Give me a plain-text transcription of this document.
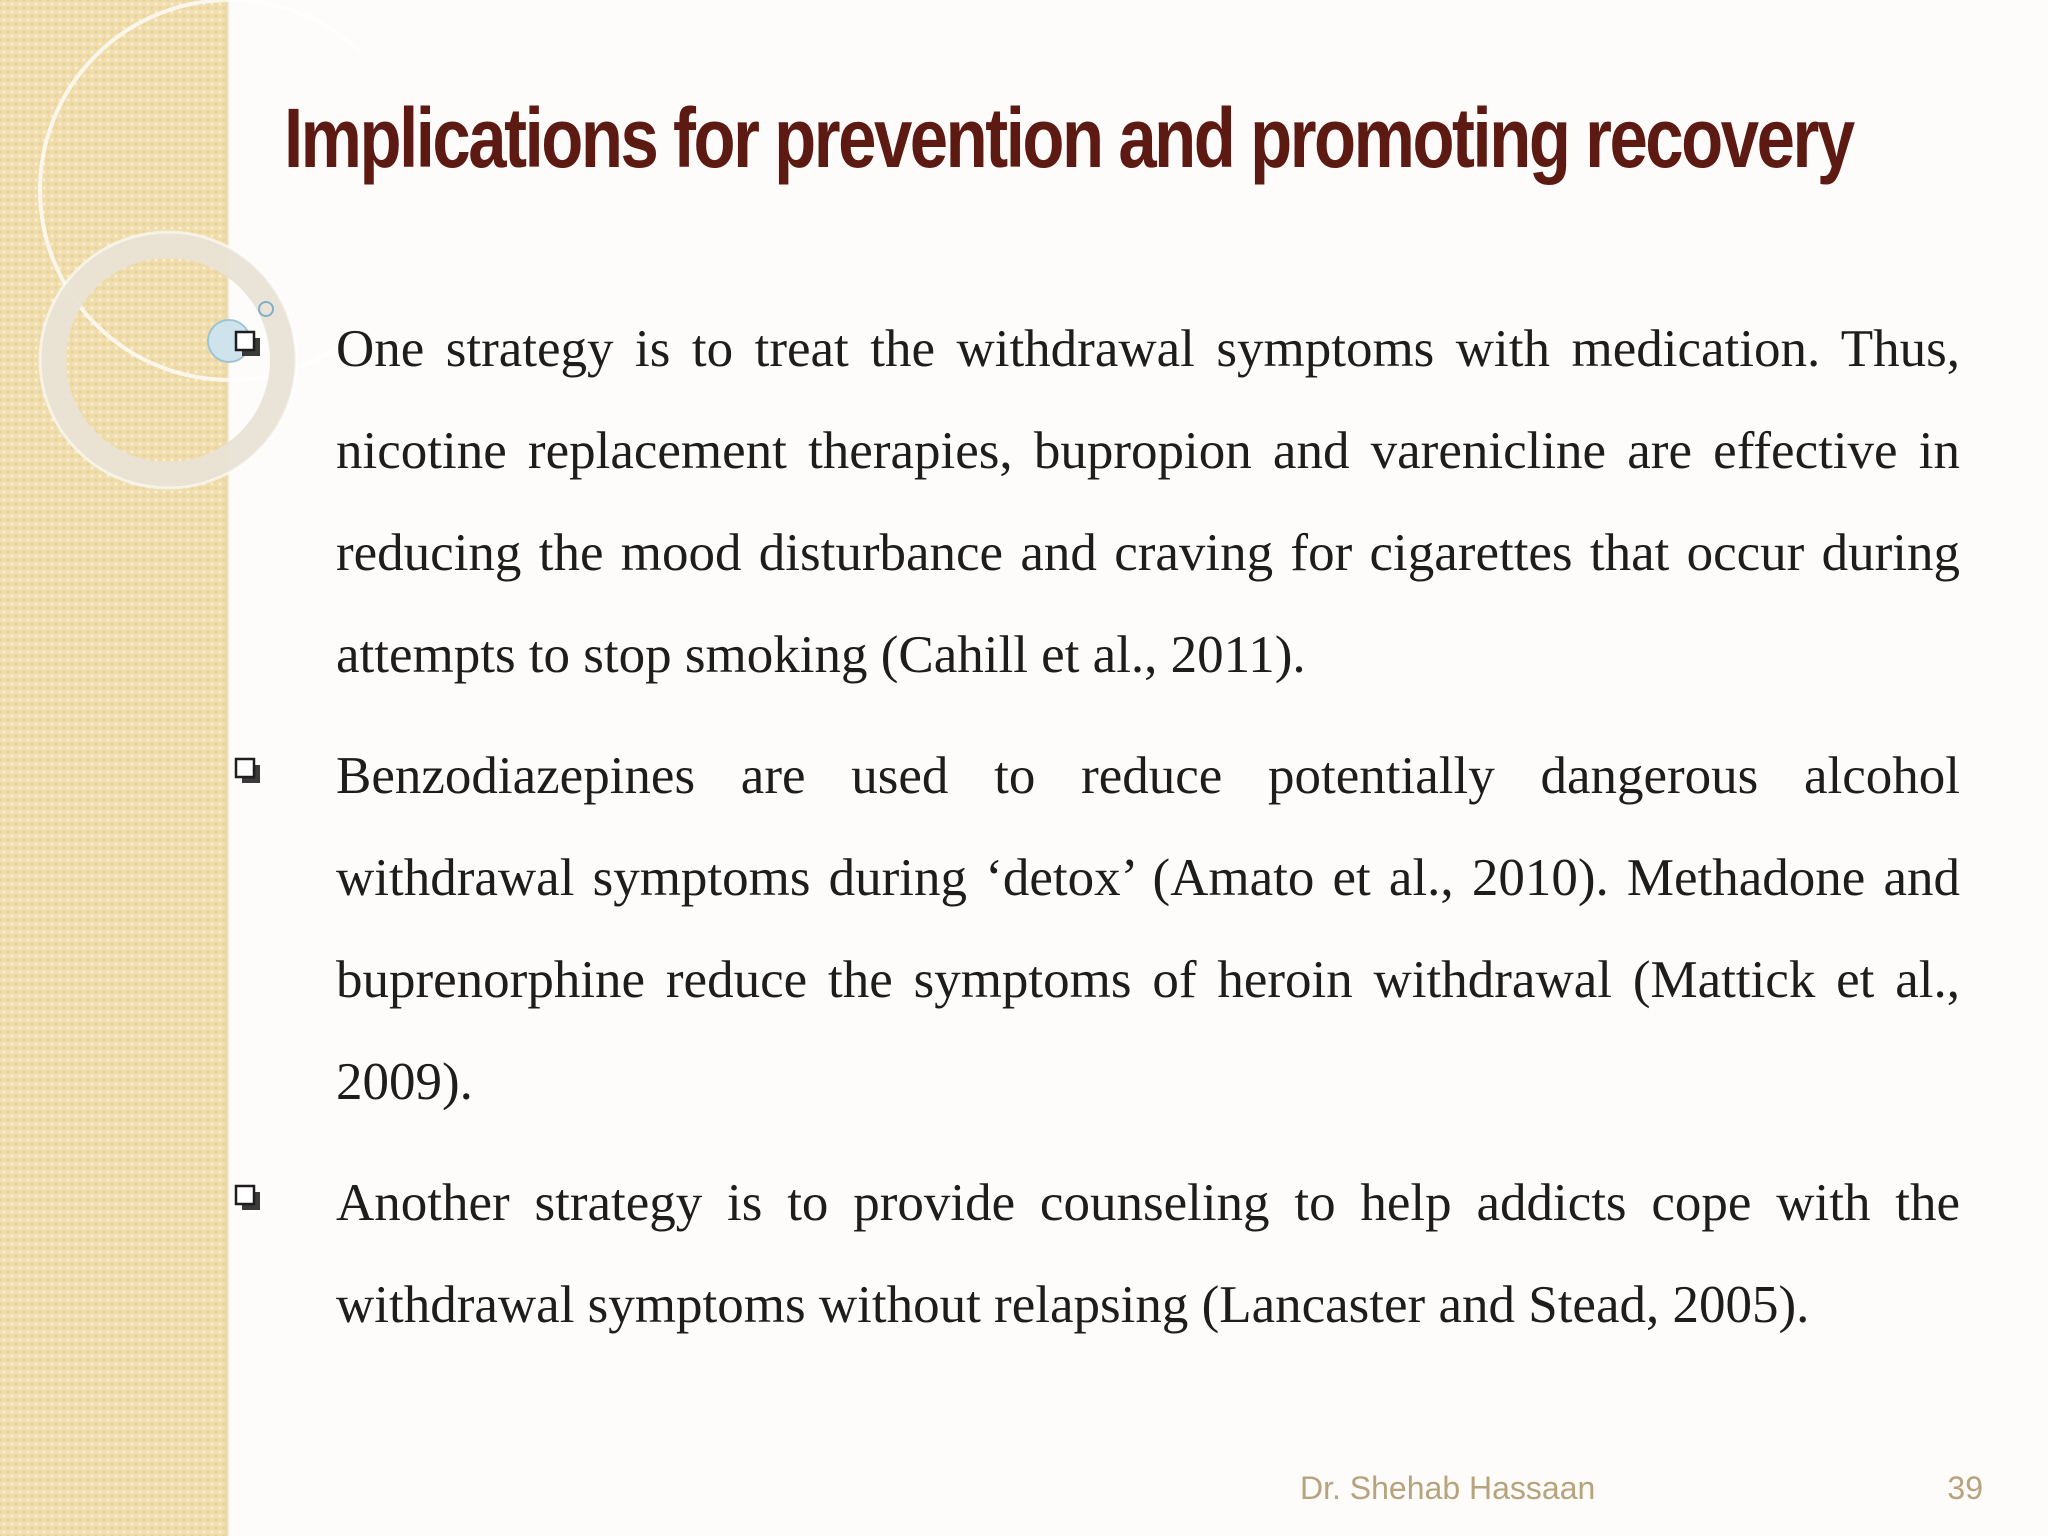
Implications for prevention and promoting recovery

One strategy is to treat the withdrawal symptoms with medication. Thus, nicotine replacement therapies, bupropion and varenicline are effective in reducing the mood disturbance and craving for cigarettes that occur during attempts to stop smoking (Cahill et al., 2011).

Benzodiazepines are used to reduce potentially dangerous alcohol withdrawal symptoms during ‘detox’ (Amato et al., 2010). Methadone and buprenorphine reduce the symptoms of heroin withdrawal (Mattick et al., 2009).

Another strategy is to provide counseling to help addicts cope with the withdrawal symptoms without relapsing (Lancaster and Stead, 2005).

Dr. Shehab Hassaan	39
